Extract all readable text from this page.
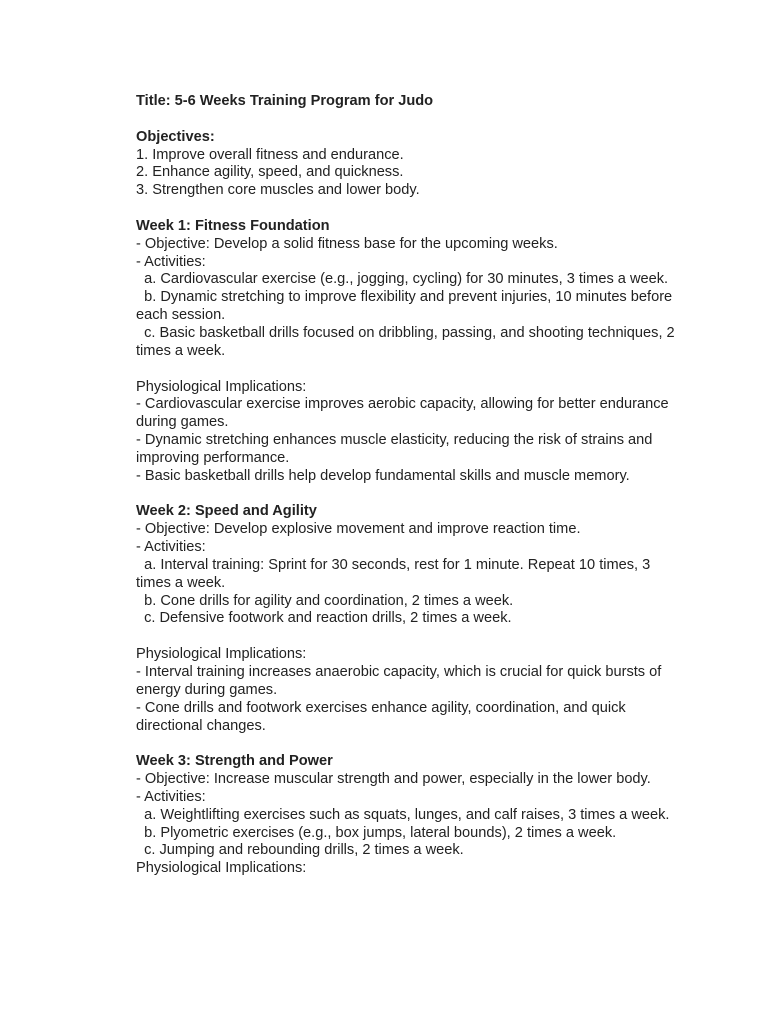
Title: 5-6 Weeks Training Program for Judo
Objectives:
1. Improve overall fitness and endurance.
2. Enhance agility, speed, and quickness.
3. Strengthen core muscles and lower body.
Week 1: Fitness Foundation
- Objective: Develop a solid fitness base for the upcoming weeks.
- Activities:
a. Cardiovascular exercise (e.g., jogging, cycling) for 30 minutes, 3 times a week.
b. Dynamic stretching to improve flexibility and prevent injuries, 10 minutes before each session.
c. Basic basketball drills focused on dribbling, passing, and shooting techniques, 2 times a week.
Physiological Implications:
- Cardiovascular exercise improves aerobic capacity, allowing for better endurance during games.
- Dynamic stretching enhances muscle elasticity, reducing the risk of strains and improving performance.
- Basic basketball drills help develop fundamental skills and muscle memory.
Week 2: Speed and Agility
- Objective: Develop explosive movement and improve reaction time.
- Activities:
a. Interval training: Sprint for 30 seconds, rest for 1 minute. Repeat 10 times, 3 times a week.
b. Cone drills for agility and coordination, 2 times a week.
c. Defensive footwork and reaction drills, 2 times a week.
Physiological Implications:
- Interval training increases anaerobic capacity, which is crucial for quick bursts of energy during games.
- Cone drills and footwork exercises enhance agility, coordination, and quick directional changes.
Week 3: Strength and Power
- Objective: Increase muscular strength and power, especially in the lower body.
- Activities:
a. Weightlifting exercises such as squats, lunges, and calf raises, 3 times a week.
b. Plyometric exercises (e.g., box jumps, lateral bounds), 2 times a week.
c. Jumping and rebounding drills, 2 times a week.
Physiological Implications:
